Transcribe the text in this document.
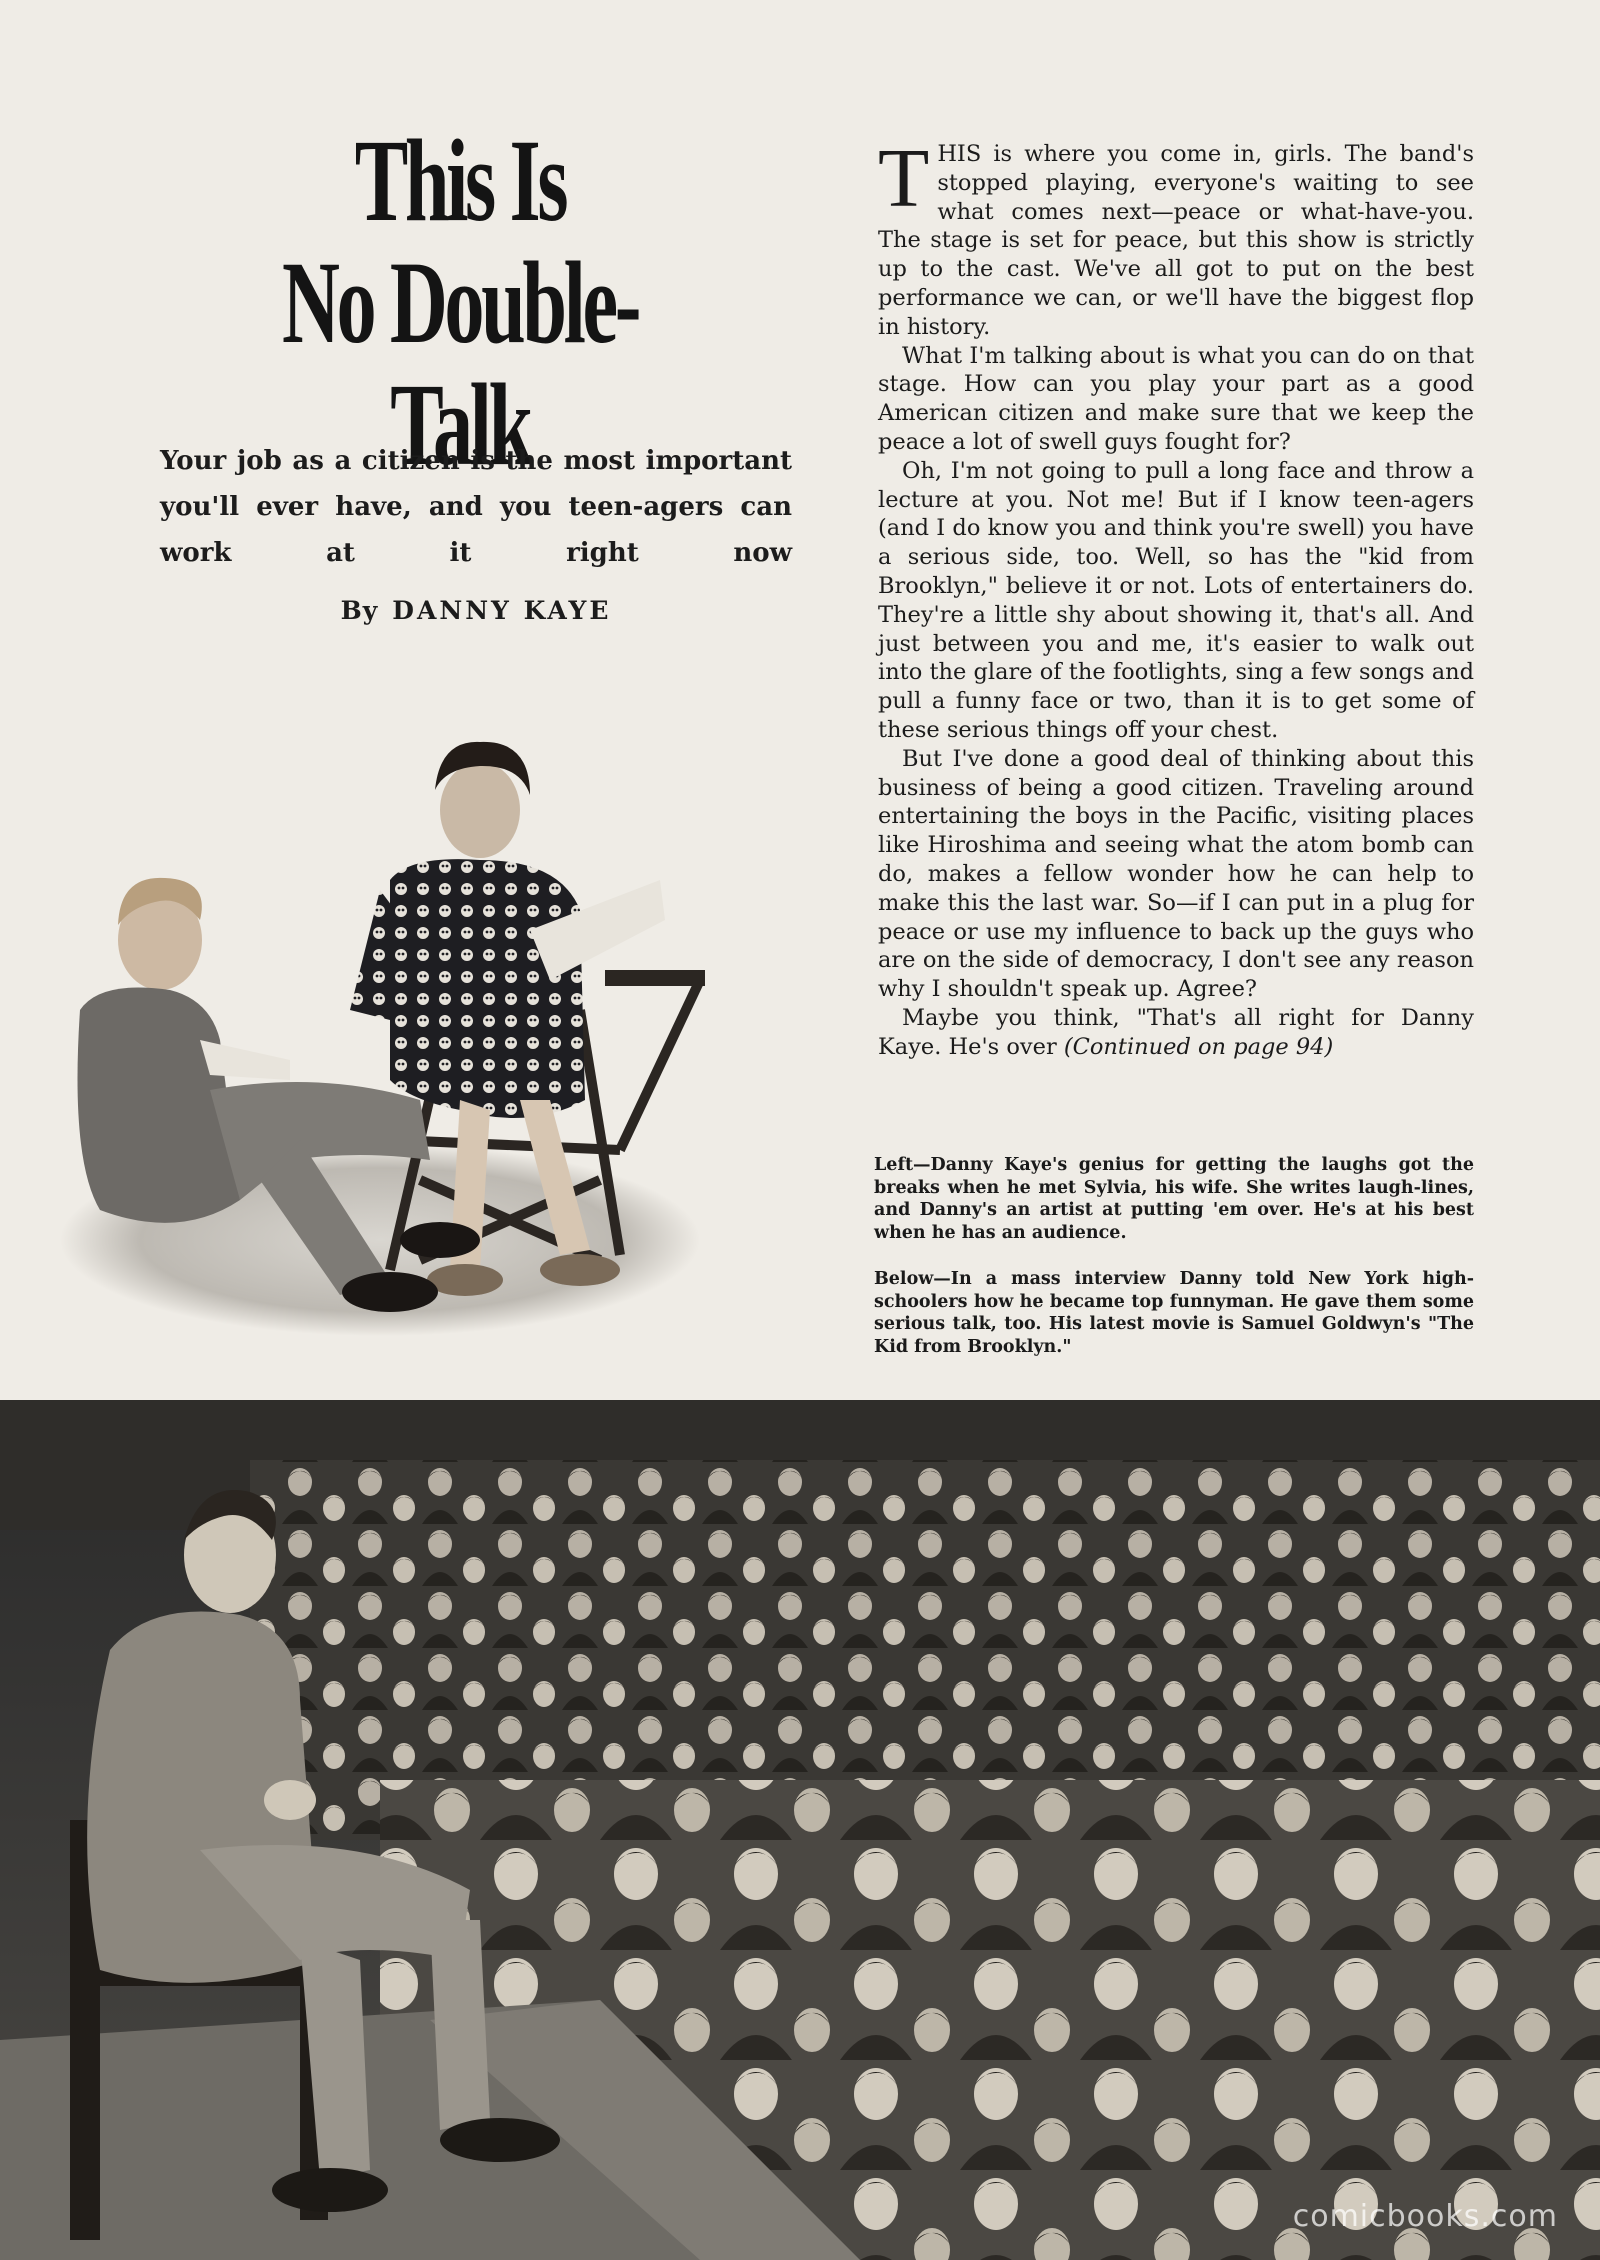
This Is
No Double-Talk
Your job as a citizen is the most important you'll ever have, and you teen-agers can work at it right now
By DANNY KAYE

THIS is where you come in, girls. The band's stopped playing, everyone's waiting to see what comes next—peace or what-have-you. The stage is set for peace, but this show is strictly up to the cast. We've all got to put on the best performance we can, or we'll have the biggest flop in history.

What I'm talking about is what you can do on that stage. How can you play your part as a good American citizen and make sure that we keep the peace a lot of swell guys fought for?

Oh, I'm not going to pull a long face and throw a lecture at you. Not me! But if I know teen-agers (and I do know you and think you're swell) you have a serious side, too. Well, so has the "kid from Brooklyn," believe it or not. Lots of entertainers do. They're a little shy about showing it, that's all. And just between you and me, it's easier to walk out into the glare of the footlights, sing a few songs and pull a funny face or two, than it is to get some of these serious things off your chest.

But I've done a good deal of thinking about this business of being a good citizen. Traveling around entertaining the boys in the Pacific, visiting places like Hiroshima and seeing what the atom bomb can do, makes a fellow wonder how he can help to make this the last war. So—if I can put in a plug for peace or use my influence to back up the guys who are on the side of democracy, I don't see any reason why I shouldn't speak up. Agree?

Maybe you think, "That's all right for Danny Kaye. He's over (Continued on page 94)

Left—Danny Kaye's genius for getting the laughs got the breaks when he met Sylvia, his wife. She writes laugh-lines, and Danny's an artist at putting 'em over. He's at his best when he has an audience.

Below—In a mass interview Danny told New York high-schoolers how he became top funnyman. He gave them some serious talk, too. His latest movie is Samuel Goldwyn's "The Kid from Brooklyn."

comicbooks.com
